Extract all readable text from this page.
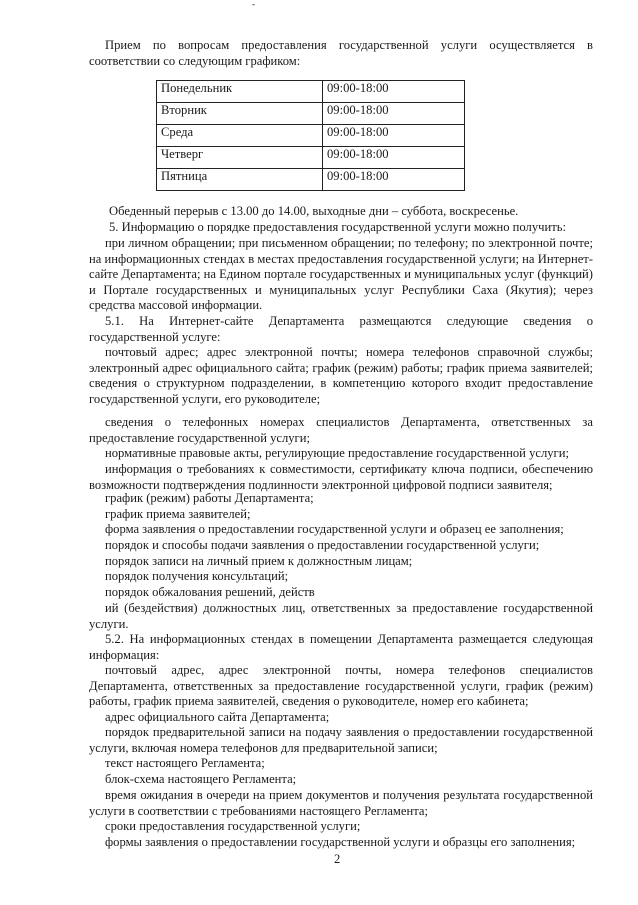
-

Прием по вопросам предоставления государственной услуги осуществляется в соответствии со следующим графиком:

Понедельник	09:00-18:00
Вторник	09:00-18:00
Среда	09:00-18:00
Четверг	09:00-18:00
Пятница	09:00-18:00
Обеденный перерыв с 13.00 до 14.00, выходные дни – суббота, воскресенье.
5. Информацию о порядке предоставления государственной услуги можно получить:

при личном обращении; при письменном обращении; по телефону; по электронной почте; на информационных стендах в местах предоставления государственной услуги; на Интернет-сайте Департамента; на Едином портале государственных и муниципальных услуг (функций) и Портале государственных и муниципальных услуг Республики Саха (Якутия); через средства массовой информации.

5.1. На Интернет-сайте Департамента размещаются следующие сведения о государственной услуге:

почтовый адрес; адрес электронной почты; номера телефонов справочной службы; электронный адрес официального сайта; график (режим) работы; график приема заявителей; сведения о структурном подразделении, в компетенцию которого входит предоставление государственной услуги, его руководителе;

сведения о телефонных номерах специалистов Департамента, ответственных за предоставление государственной услуги;

нормативные правовые акты, регулирующие предоставление государственной услуги;

информация о требованиях к совместимости, сертификату ключа подписи, обеспечению возможности подтверждения подлинности электронной цифровой подписи заявителя;

график (режим) работы Департамента;
график приема заявителей;
форма заявления о предоставлении государственной услуги и образец ее заполнения;
порядок и способы подачи заявления о предоставлении государственной услуги;
порядок записи на личный прием к должностным лицам;
порядок получения консультаций;
порядок обжалования решений, действ

ий (бездействия) должностных лиц, ответственных за предоставление государственной услуги.

5.2. На информационных стендах в помещении Департамента размещается следующая информация:

почтовый адрес, адрес электронной почты, номера телефонов специалистов Департамента, ответственных за предоставление государственной услуги, график (режим) работы, график приема заявителей, сведения о руководителе, номер его кабинета;

адрес официального сайта Департамента;

порядок предварительной записи на подачу заявления о предоставлении государственной услуги, включая номера телефонов для предварительной записи;

текст настоящего Регламента;
блок-схема настоящего Регламента;

время ожидания в очереди на прием документов и получения результата государственной услуги в соответствии с требованиями настоящего Регламента;

сроки предоставления государственной услуги;
формы заявления о предоставлении государственной услуги и образцы его заполнения;
2
